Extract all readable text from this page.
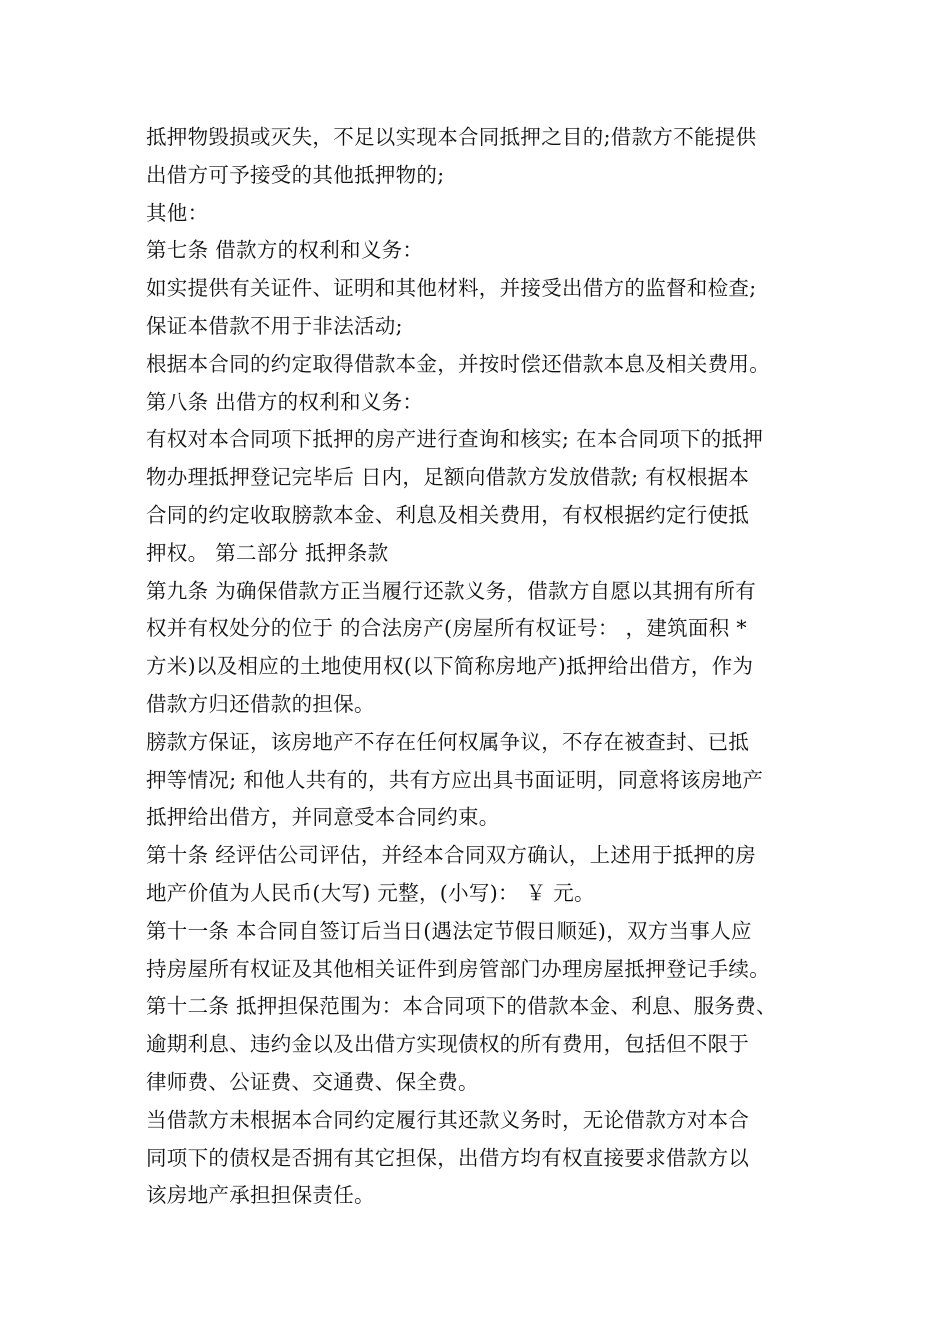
抵押物毁损或灭失，不足以实现本合同抵押之目的;借款方不能提供
出借方可予接受的其他抵押物的;
其他：
第七条 借款方的权利和义务：
如实提供有关证件、证明和其他材料，并接受出借方的监督和检查;
保证本借款不用于非法活动;
根据本合同的约定取得借款本金，并按时偿还借款本息及相关费用。
第八条 出借方的权利和义务：
有权对本合同项下抵押的房产进行查询和核实; 在本合同项下的抵押
物办理抵押登记完毕后 日内，足额向借款方发放借款; 有权根据本
合同的约定收取膀款本金、利息及相关费用，有权根据约定行使抵
押权。 第二部分 抵押条款
第九条 为确保借款方正当履行还款义务，借款方自愿以其拥有所有
权并有权处分的位于 的合法房产(房屋所有权证号： ，建筑面积 *
方米)以及相应的土地使用权(以下简称房地产)抵押给出借方，作为
借款方归还借款的担保。
膀款方保证，该房地产不存在任何权属争议，不存在被查封、已抵
押等情况; 和他人共有的，共有方应出具书面证明，同意将该房地产
抵押给出借方，并同意受本合同约束。
第十条 经评估公司评估，并经本合同双方确认，上述用于抵押的房
地产价值为人民币(大写) 元整，(小写)： ￥ 元。
第十一条 本合同自签订后当日(遇法定节假日顺延)，双方当事人应
持房屋所有权证及其他相关证件到房管部门办理房屋抵押登记手续。
第十二条 抵押担保范围为：本合同项下的借款本金、利息、服务费、
逾期利息、违约金以及出借方实现债权的所有费用，包括但不限于
律师费、公证费、交通费、保全费。
当借款方未根据本合同约定履行其还款义务时，无论借款方对本合
同项下的债权是否拥有其它担保，出借方均有权直接要求借款方以
该房地产承担担保责任。
